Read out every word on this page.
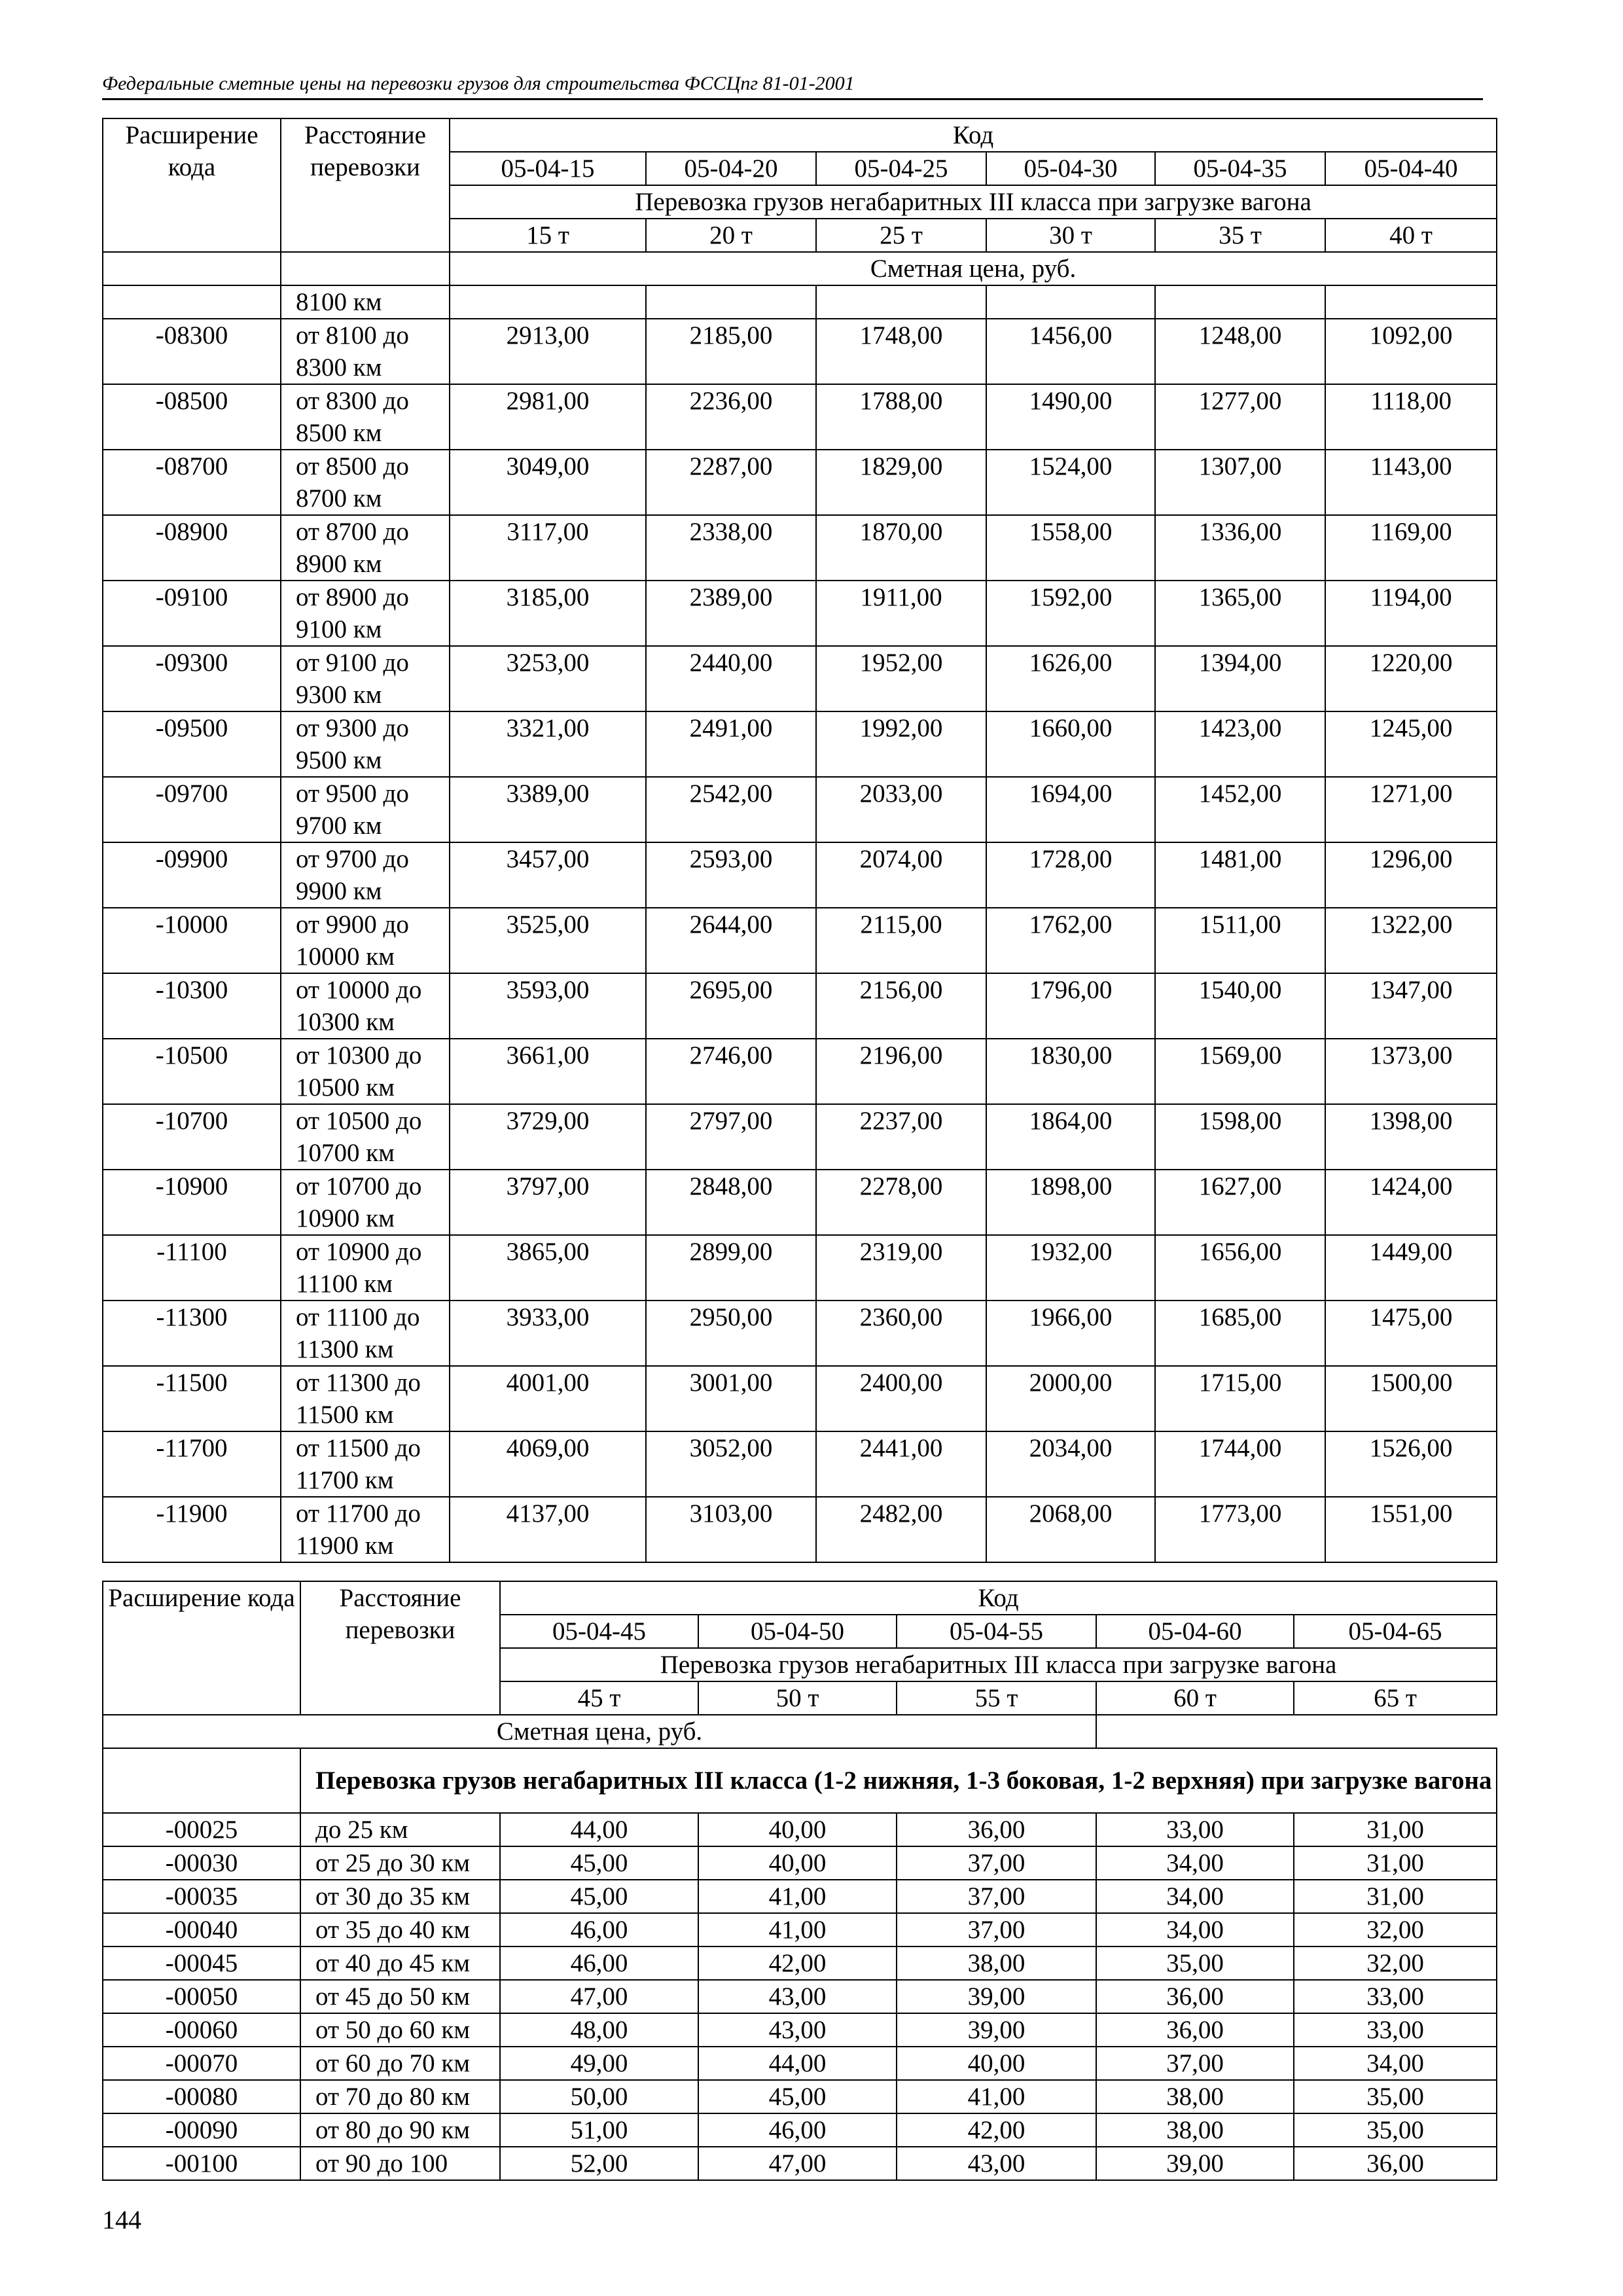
Федеральные сметные цены на перевозки грузов для строительства ФССЦпг 81-01-2001
Расширение кода	Расстояние перевозки	Код					
		05-04-15	05-04-20	05-04-25	05-04-30	05-04-35	05-04-40
		Перевозка грузов негабаритных III класса при загрузке вагона					
		15 т	20 т	25 т	30 т	35 т	40 т
		Сметная цена, руб.					
	8100 км						
-08300	от 8100 до 8300 км	2913,00	2185,00	1748,00	1456,00	1248,00	1092,00
-08500	от 8300 до 8500 км	2981,00	2236,00	1788,00	1490,00	1277,00	1118,00
-08700	от 8500 до 8700 км	3049,00	2287,00	1829,00	1524,00	1307,00	1143,00
-08900	от 8700 до 8900 км	3117,00	2338,00	1870,00	1558,00	1336,00	1169,00
-09100	от 8900 до 9100 км	3185,00	2389,00	1911,00	1592,00	1365,00	1194,00
-09300	от 9100 до 9300 км	3253,00	2440,00	1952,00	1626,00	1394,00	1220,00
-09500	от 9300 до 9500 км	3321,00	2491,00	1992,00	1660,00	1423,00	1245,00
-09700	от 9500 до 9700 км	3389,00	2542,00	2033,00	1694,00	1452,00	1271,00
-09900	от 9700 до 9900 км	3457,00	2593,00	2074,00	1728,00	1481,00	1296,00
-10000	от 9900 до 10000 км	3525,00	2644,00	2115,00	1762,00	1511,00	1322,00
-10300	от 10000 до 10300 км	3593,00	2695,00	2156,00	1796,00	1540,00	1347,00
-10500	от 10300 до 10500 км	3661,00	2746,00	2196,00	1830,00	1569,00	1373,00
-10700	от 10500 до 10700 км	3729,00	2797,00	2237,00	1864,00	1598,00	1398,00
-10900	от 10700 до 10900 км	3797,00	2848,00	2278,00	1898,00	1627,00	1424,00
-11100	от 10900 до 11100 км	3865,00	2899,00	2319,00	1932,00	1656,00	1449,00
-11300	от 11100 до 11300 км	3933,00	2950,00	2360,00	1966,00	1685,00	1475,00
-11500	от 11300 до 11500 км	4001,00	3001,00	2400,00	2000,00	1715,00	1500,00
-11700	от 11500 до 11700 км	4069,00	3052,00	2441,00	2034,00	1744,00	1526,00
-11900	от 11700 до 11900 км	4137,00	3103,00	2482,00	2068,00	1773,00	1551,00
Расширение кода	Расстояние перевозки	Код				
		05-04-45	05-04-50	05-04-55	05-04-60	05-04-65
		Перевозка грузов негабаритных III класса при загрузке вагона				
		45 т	50 т	55 т	60 т	65 т
Сметная цена, руб.						
	Перевозка грузов негабаритных III класса (1-2 нижняя, 1-3 боковая, 1-2 верхняя) при загрузке вагона					
-00025	до 25 км	44,00	40,00	36,00	33,00	31,00
-00030	от 25 до 30 км	45,00	40,00	37,00	34,00	31,00
-00035	от 30 до 35 км	45,00	41,00	37,00	34,00	31,00
-00040	от 35 до 40 км	46,00	41,00	37,00	34,00	32,00
-00045	от 40 до 45 км	46,00	42,00	38,00	35,00	32,00
-00050	от 45 до 50 км	47,00	43,00	39,00	36,00	33,00
-00060	от 50 до 60 км	48,00	43,00	39,00	36,00	33,00
-00070	от 60 до 70 км	49,00	44,00	40,00	37,00	34,00
-00080	от 70 до 80 км	50,00	45,00	41,00	38,00	35,00
-00090	от 80 до 90 км	51,00	46,00	42,00	38,00	35,00
-00100	от 90 до 100	52,00	47,00	43,00	39,00	36,00
144
